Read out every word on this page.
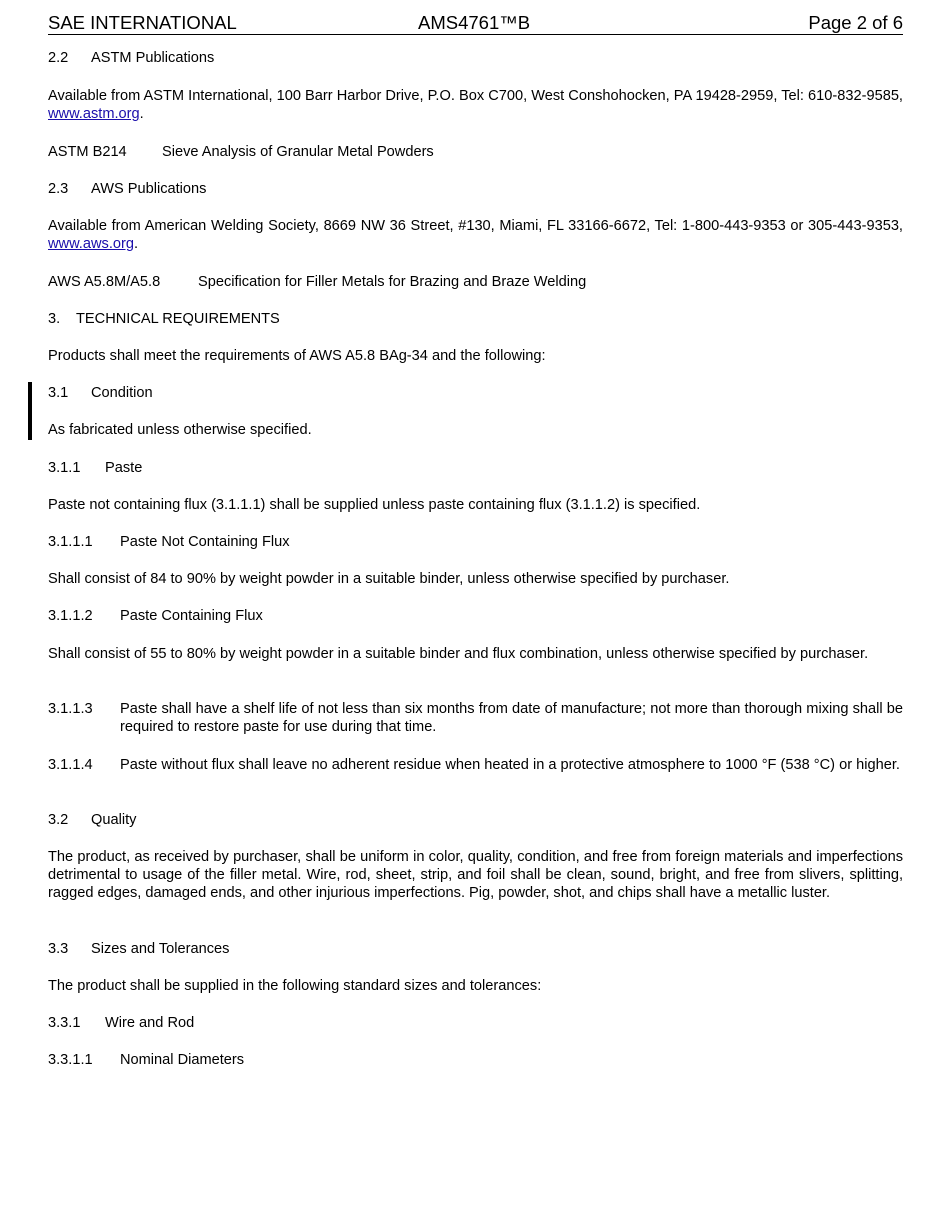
SAE INTERNATIONAL	AMS4761™B	Page 2 of 6
2.2 ASTM Publications
Available from ASTM International, 100 Barr Harbor Drive, P.O. Box C700, West Conshohocken, PA 19428-2959, Tel: 610-832-9585, www.astm.org.
ASTM B214 Sieve Analysis of Granular Metal Powders
2.3 AWS Publications
Available from American Welding Society, 8669 NW 36 Street, #130, Miami, FL 33166-6672, Tel: 1-800-443-9353 or 305-443-9353, www.aws.org.
AWS A5.8M/A5.8	Specification for Filler Metals for Brazing and Braze Welding
3. TECHNICAL REQUIREMENTS
Products shall meet the requirements of AWS A5.8 BAg-34 and the following:
3.1 Condition
As fabricated unless otherwise specified.
3.1.1 Paste
Paste not containing flux (3.1.1.1) shall be supplied unless paste containing flux (3.1.1.2) is specified.
3.1.1.1 Paste Not Containing Flux
Shall consist of 84 to 90% by weight powder in a suitable binder, unless otherwise specified by purchaser.
3.1.1.2 Paste Containing Flux
Shall consist of 55 to 80% by weight powder in a suitable binder and flux combination, unless otherwise specified by purchaser.
3.1.1.3 Paste shall have a shelf life of not less than six months from date of manufacture; not more than thorough mixing shall be required to restore paste for use during that time.
3.1.1.4 Paste without flux shall leave no adherent residue when heated in a protective atmosphere to 1000 °F (538 °C) or higher.
3.2 Quality
The product, as received by purchaser, shall be uniform in color, quality, condition, and free from foreign materials and imperfections detrimental to usage of the filler metal. Wire, rod, sheet, strip, and foil shall be clean, sound, bright, and free from slivers, splitting, ragged edges, damaged ends, and other injurious imperfections. Pig, powder, shot, and chips shall have a metallic luster.
3.3 Sizes and Tolerances
The product shall be supplied in the following standard sizes and tolerances:
3.3.1 Wire and Rod
3.3.1.1 Nominal Diameters
